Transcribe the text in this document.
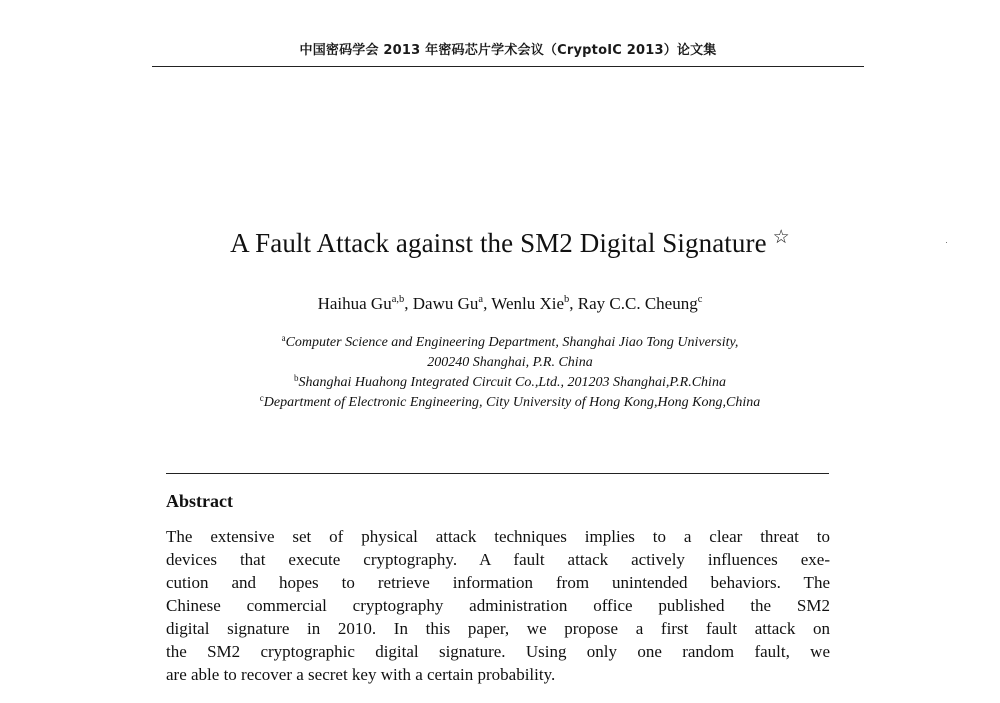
中国密码学会 2013 年密码芯片学术会议（CryptoIC 2013）论文集
A Fault Attack against the SM2 Digital Signature ☆
Haihua Gu$^{a,b}$, Dawu Gu$^a$, Wenlu Xie$^b$, Ray C.C. Cheung$^c$
$^a$Computer Science and Engineering Department, Shanghai Jiao Tong University,
200240 Shanghai, P.R. China
$^b$Shanghai Huahong Integrated Circuit Co.,Ltd., 201203 Shanghai,P.R.China
$^c$Department of Electronic Engineering, City University of Hong Kong,Hong Kong,China
Abstract
The extensive set of physical attack techniques implies to a clear threat to
devices that execute cryptography. A fault attack actively influences exe-
cution and hopes to retrieve information from unintended behaviors. The
Chinese commercial cryptography administration office published the SM2
digital signature in 2010. In this paper, we propose a first fault attack on
the SM2 cryptographic digital signature. Using only one random fault, we
are able to recover a secret key with a certain probability.
